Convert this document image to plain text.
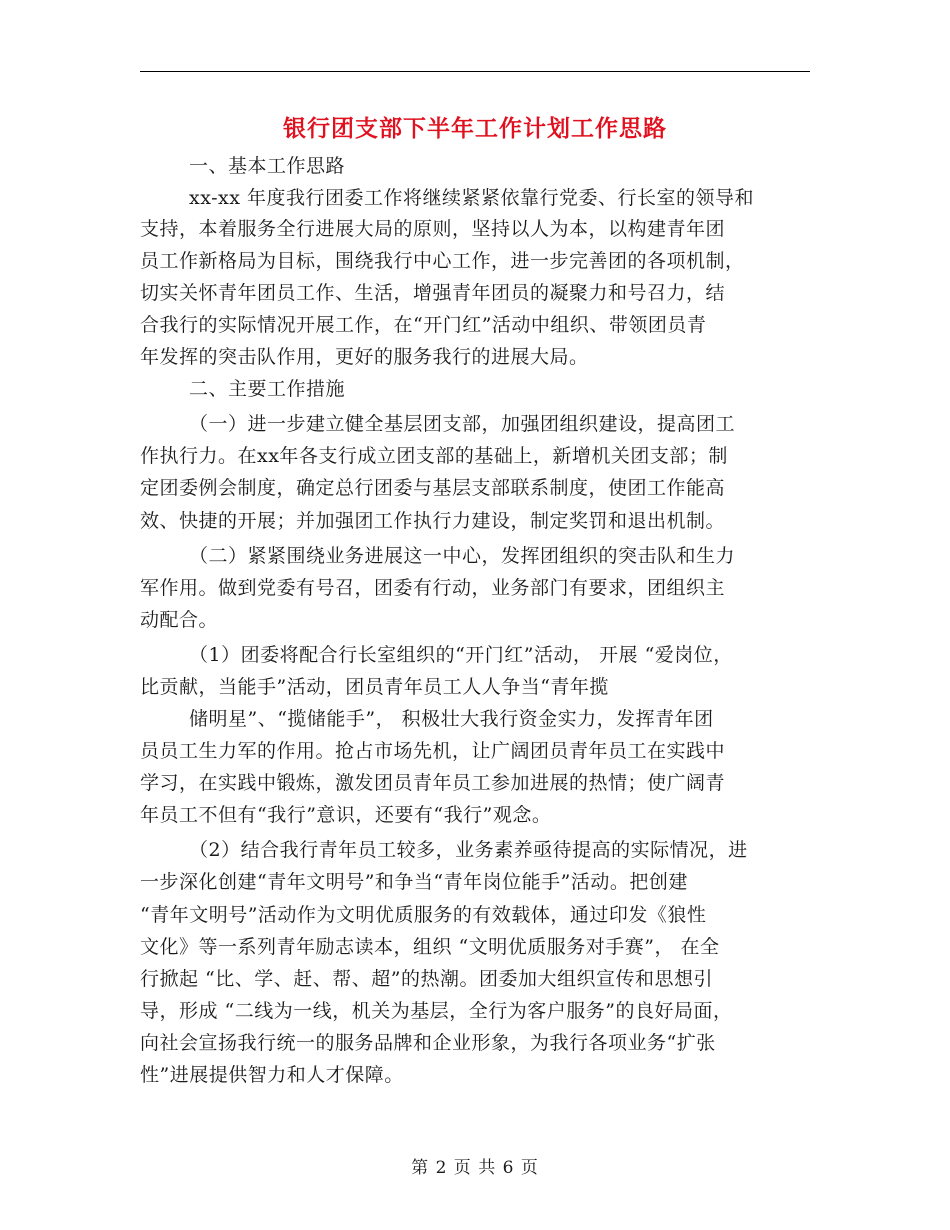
银行团支部下半年工作计划工作思路
一、基本工作思路
xx-xx 年度我行团委工作将继续紧紧依靠行党委、行长室的领导和
支持，本着服务全行进展大局的原则，坚持以人为本，以构建青年团
员工作新格局为目标，围绕我行中心工作，进一步完善团的各项机制，
切实关怀青年团员工作、生活，增强青年团员的凝聚力和号召力，结
合我行的实际情况开展工作，在“开门红”活动中组织、带领团员青
年发挥的突击队作用，更好的服务我行的进展大局。
二、主要工作措施
（一）进一步建立健全基层团支部，加强团组织建设，提高团工
作执行力。在xx年各支行成立团支部的基础上，新增机关团支部；制
定团委例会制度，确定总行团委与基层支部联系制度，使团工作能高
效、快捷的开展；并加强团工作执行力建设，制定奖罚和退出机制。
（二）紧紧围绕业务进展这一中心，发挥团组织的突击队和生力
军作用。做到党委有号召，团委有行动，业务部门有要求，团组织主
动配合。
（1）团委将配合行长室组织的“开门红”活动， 开展 “爱岗位，
比贡献，当能手”活动，团员青年员工人人争当“青年揽
储明星”、“揽储能手”， 积极壮大我行资金实力，发挥青年团
员员工生力军的作用。抢占市场先机，让广阔团员青年员工在实践中
学习，在实践中锻炼，激发团员青年员工参加进展的热情；使广阔青
年员工不但有“我行”意识，还要有“我行”观念。
（2）结合我行青年员工较多，业务素养亟待提高的实际情况，进
一步深化创建“青年文明号”和争当“青年岗位能手”活动。把创建
“青年文明号”活动作为文明优质服务的有效载体，通过印发《狼性
文化》等一系列青年励志读本，组织 “文明优质服务对手赛”， 在全
行掀起 “比、学、赶、帮、超”的热潮。团委加大组织宣传和思想引
导，形成 “二线为一线，机关为基层，全行为客户服务”的良好局面，
向社会宣扬我行统一的服务品牌和企业形象，为我行各项业务“扩张
性”进展提供智力和人才保障。
第 2 页 共 6 页
